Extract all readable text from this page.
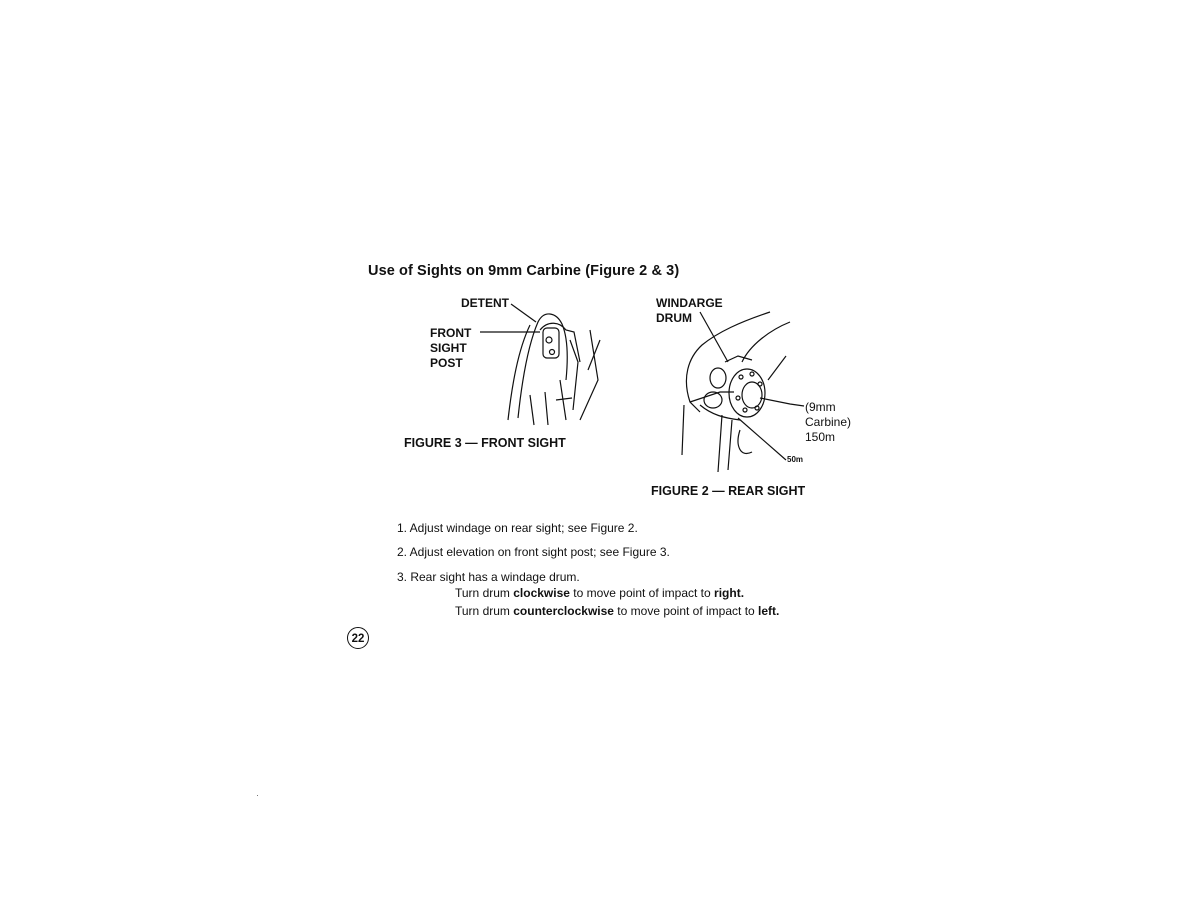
Use of Sights on 9mm Carbine (Figure 2 & 3)
DETENT
FRONT
SIGHT
POST
FIGURE 3 — FRONT SIGHT
WINDARGE
DRUM
(9mm
Carbine)
150m
50m
FIGURE 2 — REAR SIGHT
1. Adjust windage on rear sight; see Figure 2.
2. Adjust elevation on front sight post; see Figure 3.
3. Rear sight has a windage drum.
Turn drum clockwise to move point of impact to right.
Turn drum counterclockwise to move point of impact to left.
22
